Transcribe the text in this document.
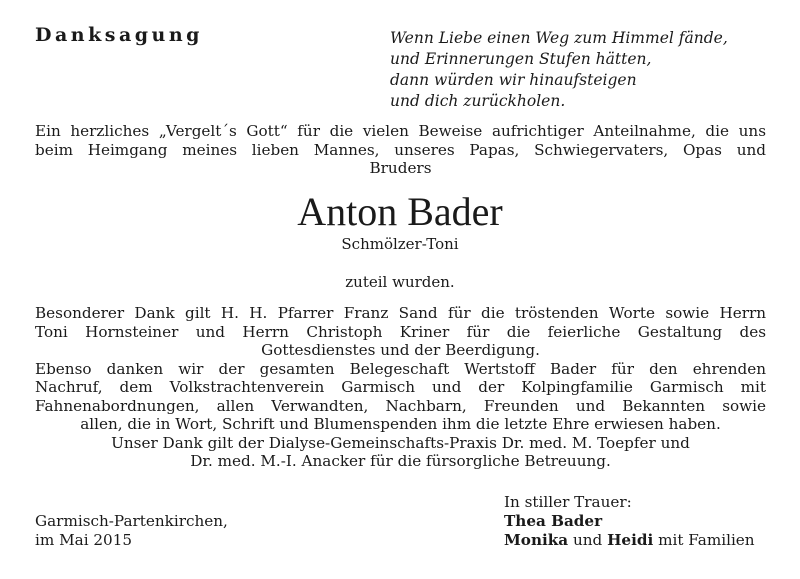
Danksagung	Wenn Liebe einen Weg zum Himmel fände,
und Erinnerungen Stufen hätten,
dann würden wir hinaufsteigen
und dich zurückholen.
Ein herzliches „Vergelt´s Gott“ für die vielen Beweise aufrichtiger Anteilnahme, die uns
beim Heimgang meines lieben Mannes, unseres Papas, Schwiegervaters, Opas und
Bruders
Anton Bader
Schmölzer-Toni
zuteil wurden.
Besonderer Dank gilt H. H. Pfarrer Franz Sand für die tröstenden Worte sowie Herrn
Toni Hornsteiner und Herrn Christoph Kriner für die feierliche Gestaltung des
Gottesdienstes und der Beerdigung.
Ebenso danken wir der gesamten Belegeschaft Wertstoff Bader für den ehrenden
Nachruf, dem Volkstrachtenverein Garmisch und der Kolpingfamilie Garmisch mit
Fahnenabordnungen, allen Verwandten, Nachbarn, Freunden und Bekannten sowie
allen, die in Wort, Schrift und Blumenspenden ihm die letzte Ehre erwiesen haben.
Unser Dank gilt der Dialyse-Gemeinschafts-Praxis Dr. med. M. Toepfer und
Dr. med. M.-I. Anacker für die fürsorgliche Betreuung.
Garmisch-Partenkirchen,
im Mai 2015
In stiller Trauer:
Thea Bader
Monika und Heidi mit Familien
